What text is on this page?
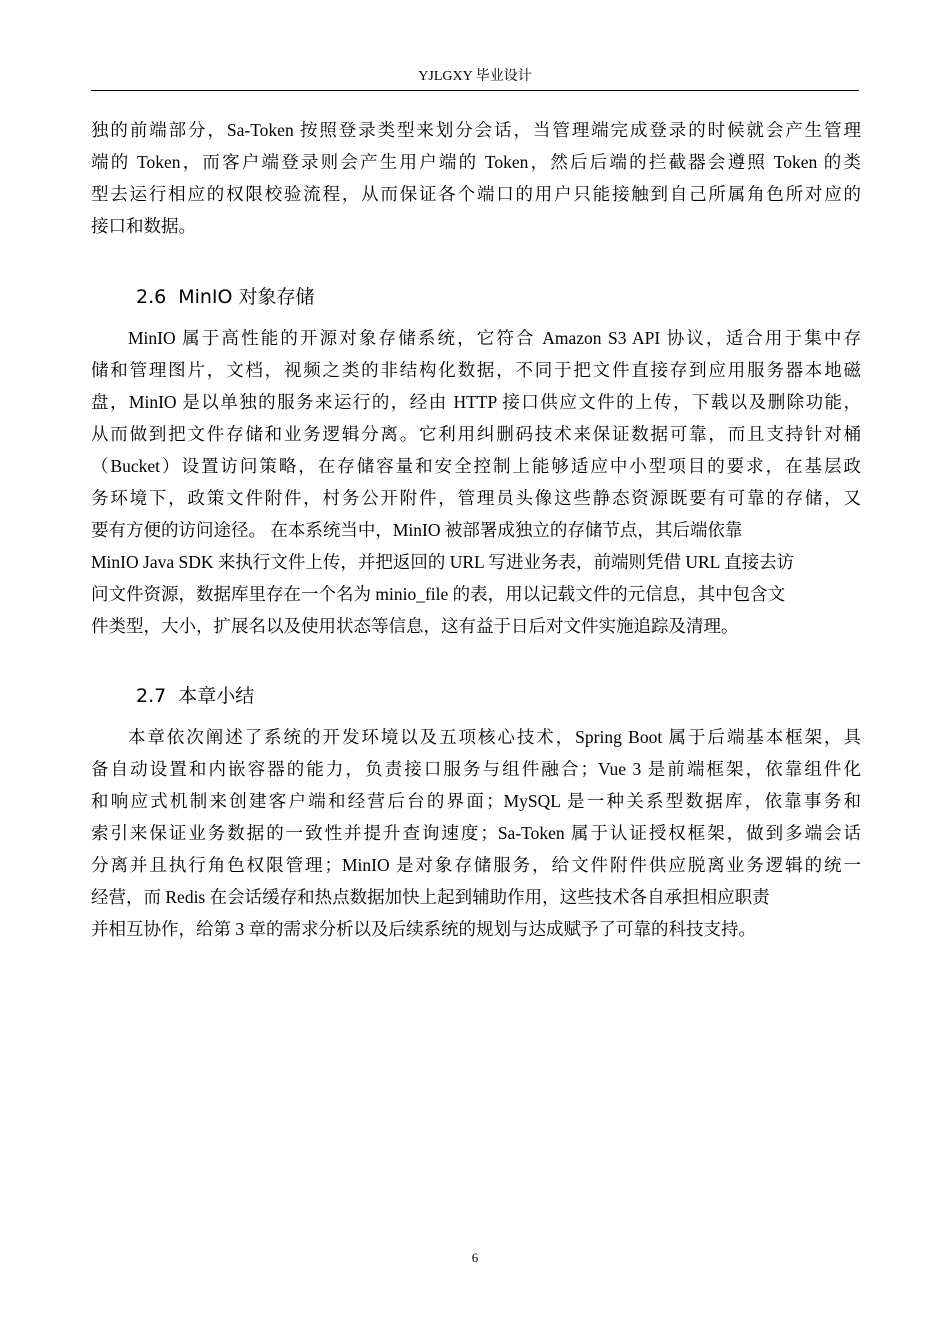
YJLGXY 毕业设计

独的前端部分，Sa-Token 按照登录类型来划分会话，当管理端完成登录的时候就会产生管理

端的 Token，而客户端登录则会产生用户端的 Token，然后后端的拦截器会遵照 Token 的类

型去运行相应的权限校验流程，从而保证各个端口的用户只能接触到自己所属角色所对应的

接口和数据。

2.6 MinIO 对象存储

MinIO 属于高性能的开源对象存储系统，它符合 Amazon S3 API 协议，适合用于集中存

储和管理图片，文档，视频之类的非结构化数据，不同于把文件直接存到应用服务器本地磁

盘，MinIO 是以单独的服务来运行的，经由 HTTP 接口供应文件的上传，下载以及删除功能，

从而做到把文件存储和业务逻辑分离。它利用纠删码技术来保证数据可靠，而且支持针对桶

（Bucket）设置访问策略，在存储容量和安全控制上能够适应中小型项目的要求，在基层政

务环境下，政策文件附件，村务公开附件，管理员头像这些静态资源既要有可靠的存储，又

要有方便的访问途径。 在本系统当中，MinIO 被部署成独立的存储节点，其后端依靠

MinIO Java SDK 来执行文件上传，并把返回的 URL 写进业务表，前端则凭借 URL 直接去访

问文件资源，数据库里存在一个名为 minio_file 的表，用以记载文件的元信息，其中包含文

件类型，大小，扩展名以及使用状态等信息，这有益于日后对文件实施追踪及清理。

2.7 本章小结

本章依次阐述了系统的开发环境以及五项核心技术，Spring Boot 属于后端基本框架，具

备自动设置和内嵌容器的能力，负责接口服务与组件融合；Vue 3 是前端框架，依靠组件化

和响应式机制来创建客户端和经营后台的界面；MySQL 是一种关系型数据库，依靠事务和

索引来保证业务数据的一致性并提升查询速度；Sa-Token 属于认证授权框架，做到多端会话

分离并且执行角色权限管理；MinIO 是对象存储服务，给文件附件供应脱离业务逻辑的统一

经营，而 Redis 在会话缓存和热点数据加快上起到辅助作用，这些技术各自承担相应职责

并相互协作，给第 3 章的需求分析以及后续系统的规划与达成赋予了可靠的科技支持。

6
